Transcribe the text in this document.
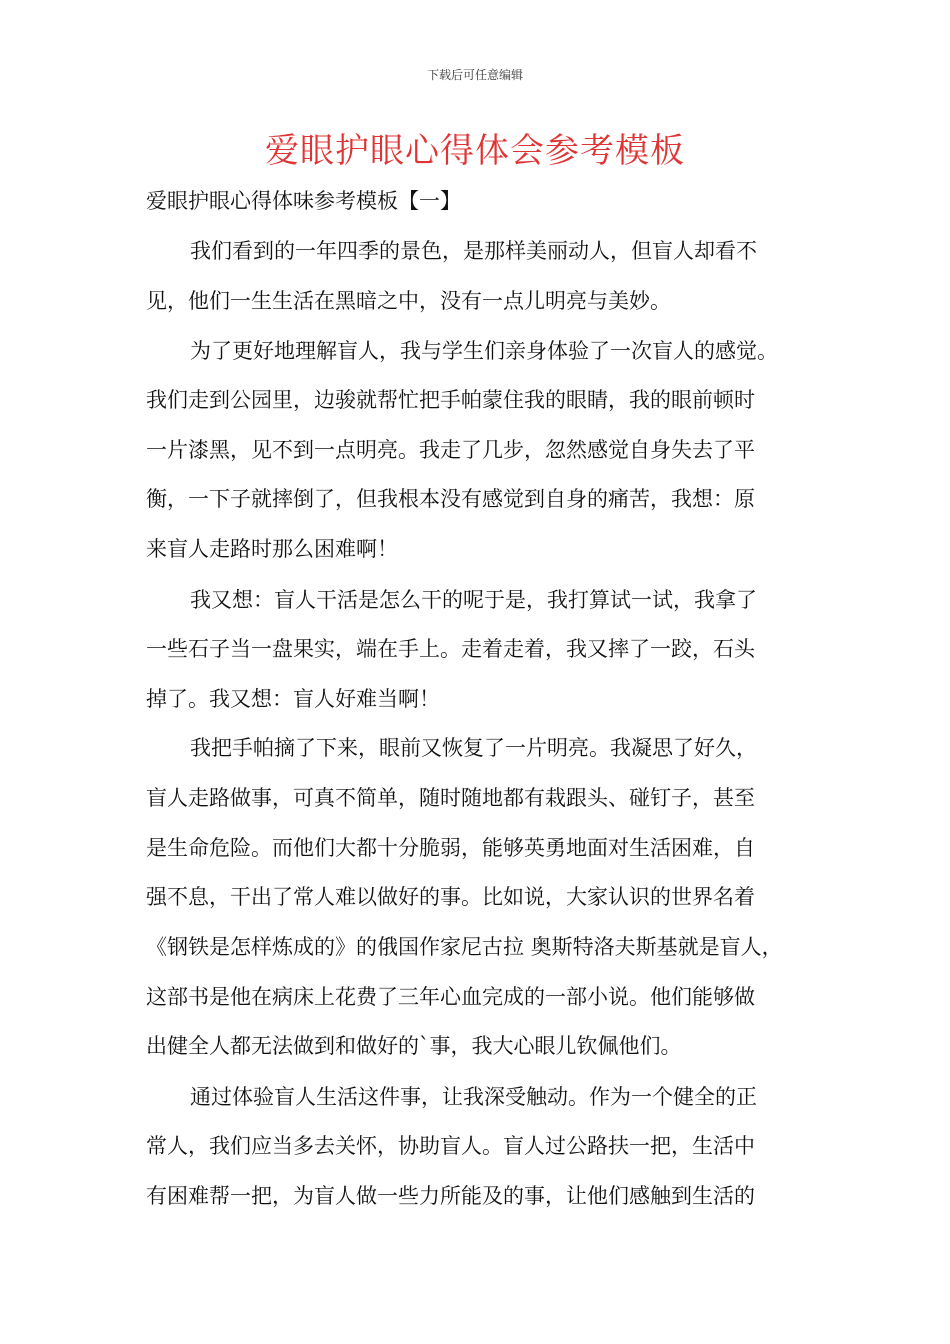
下载后可任意编辑
爱眼护眼心得体会参考模板
爱眼护眼心得体味参考模板【一】
我们看到的一年四季的景色，是那样美丽动人，但盲人却看不
见，他们一生生活在黑暗之中，没有一点儿明亮与美妙。
为了更好地理解盲人，我与学生们亲身体验了一次盲人的感觉。
我们走到公园里，边骏就帮忙把手帕蒙住我的眼睛，我的眼前顿时
一片漆黑，见不到一点明亮。我走了几步，忽然感觉自身失去了平
衡，一下子就摔倒了，但我根本没有感觉到自身的痛苦，我想：原
来盲人走路时那么困难啊！
我又想：盲人干活是怎么干的呢于是，我打算试一试，我拿了
一些石子当一盘果实，端在手上。走着走着，我又摔了一跤，石头
掉了。我又想：盲人好难当啊！
我把手帕摘了下来，眼前又恢复了一片明亮。我凝思了好久，
盲人走路做事，可真不简单，随时随地都有栽跟头、碰钉子，甚至
是生命危险。而他们大都十分脆弱，能够英勇地面对生活困难，自
强不息，干出了常人难以做好的事。比如说，大家认识的世界名着
《钢铁是怎样炼成的》的俄国作家尼古拉 奥斯特洛夫斯基就是盲人，
这部书是他在病床上花费了三年心血完成的一部小说。他们能够做
出健全人都无法做到和做好的`事，我大心眼儿钦佩他们。
通过体验盲人生活这件事，让我深受触动。作为一个健全的正
常人，我们应当多去关怀，协助盲人。盲人过公路扶一把，生活中
有困难帮一把，为盲人做一些力所能及的事，让他们感触到生活的
